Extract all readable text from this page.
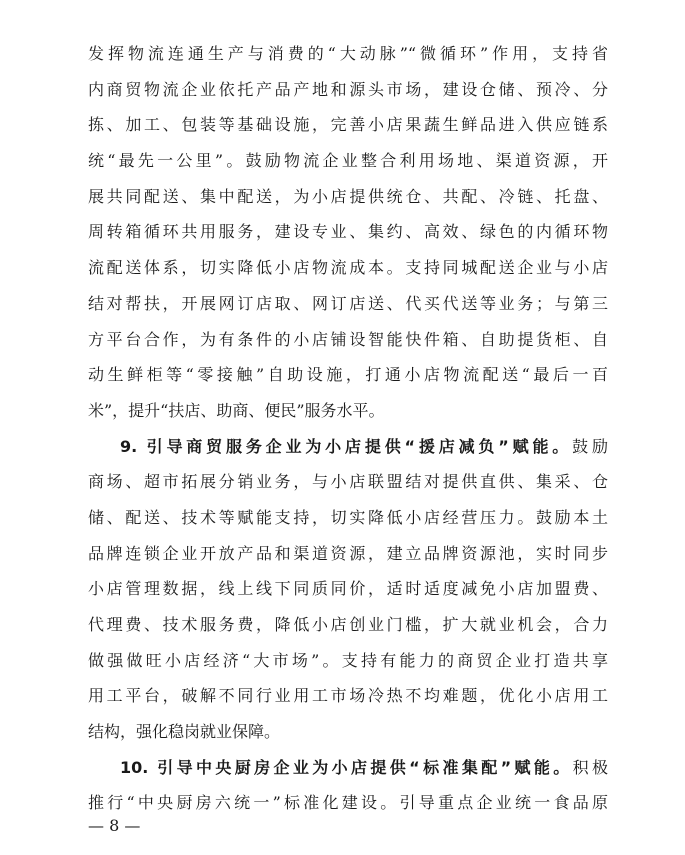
发挥物流连通生产与消费的“大动脉”“微循环”作用，支持省
内商贸物流企业依托产品产地和源头市场，建设仓储、预冷、分
拣、加工、包装等基础设施，完善小店果蔬生鲜品进入供应链系
统“最先一公里”。鼓励物流企业整合利用场地、渠道资源，开
展共同配送、集中配送，为小店提供统仓、共配、冷链、托盘、
周转箱循环共用服务，建设专业、集约、高效、绿色的内循环物
流配送体系，切实降低小店物流成本。支持同城配送企业与小店
结对帮扶，开展网订店取、网订店送、代买代送等业务；与第三
方平台合作，为有条件的小店铺设智能快件箱、自助提货柜、自
动生鲜柜等“零接触”自助设施，打通小店物流配送“最后一百
米”，提升“扶店、助商、便民”服务水平。
9. 引导商贸服务企业为小店提供“援店减负”赋能。鼓励
商场、超市拓展分销业务，与小店联盟结对提供直供、集采、仓
储、配送、技术等赋能支持，切实降低小店经营压力。鼓励本土
品牌连锁企业开放产品和渠道资源，建立品牌资源池，实时同步
小店管理数据，线上线下同质同价，适时适度减免小店加盟费、
代理费、技术服务费，降低小店创业门槛，扩大就业机会，合力
做强做旺小店经济“大市场”。支持有能力的商贸企业打造共享
用工平台，破解不同行业用工市场冷热不均难题，优化小店用工
结构，强化稳岗就业保障。
10. 引导中央厨房企业为小店提供“标准集配”赋能。积极
推行“中央厨房六统一”标准化建设。引导重点企业统一食品原
— 8 —
